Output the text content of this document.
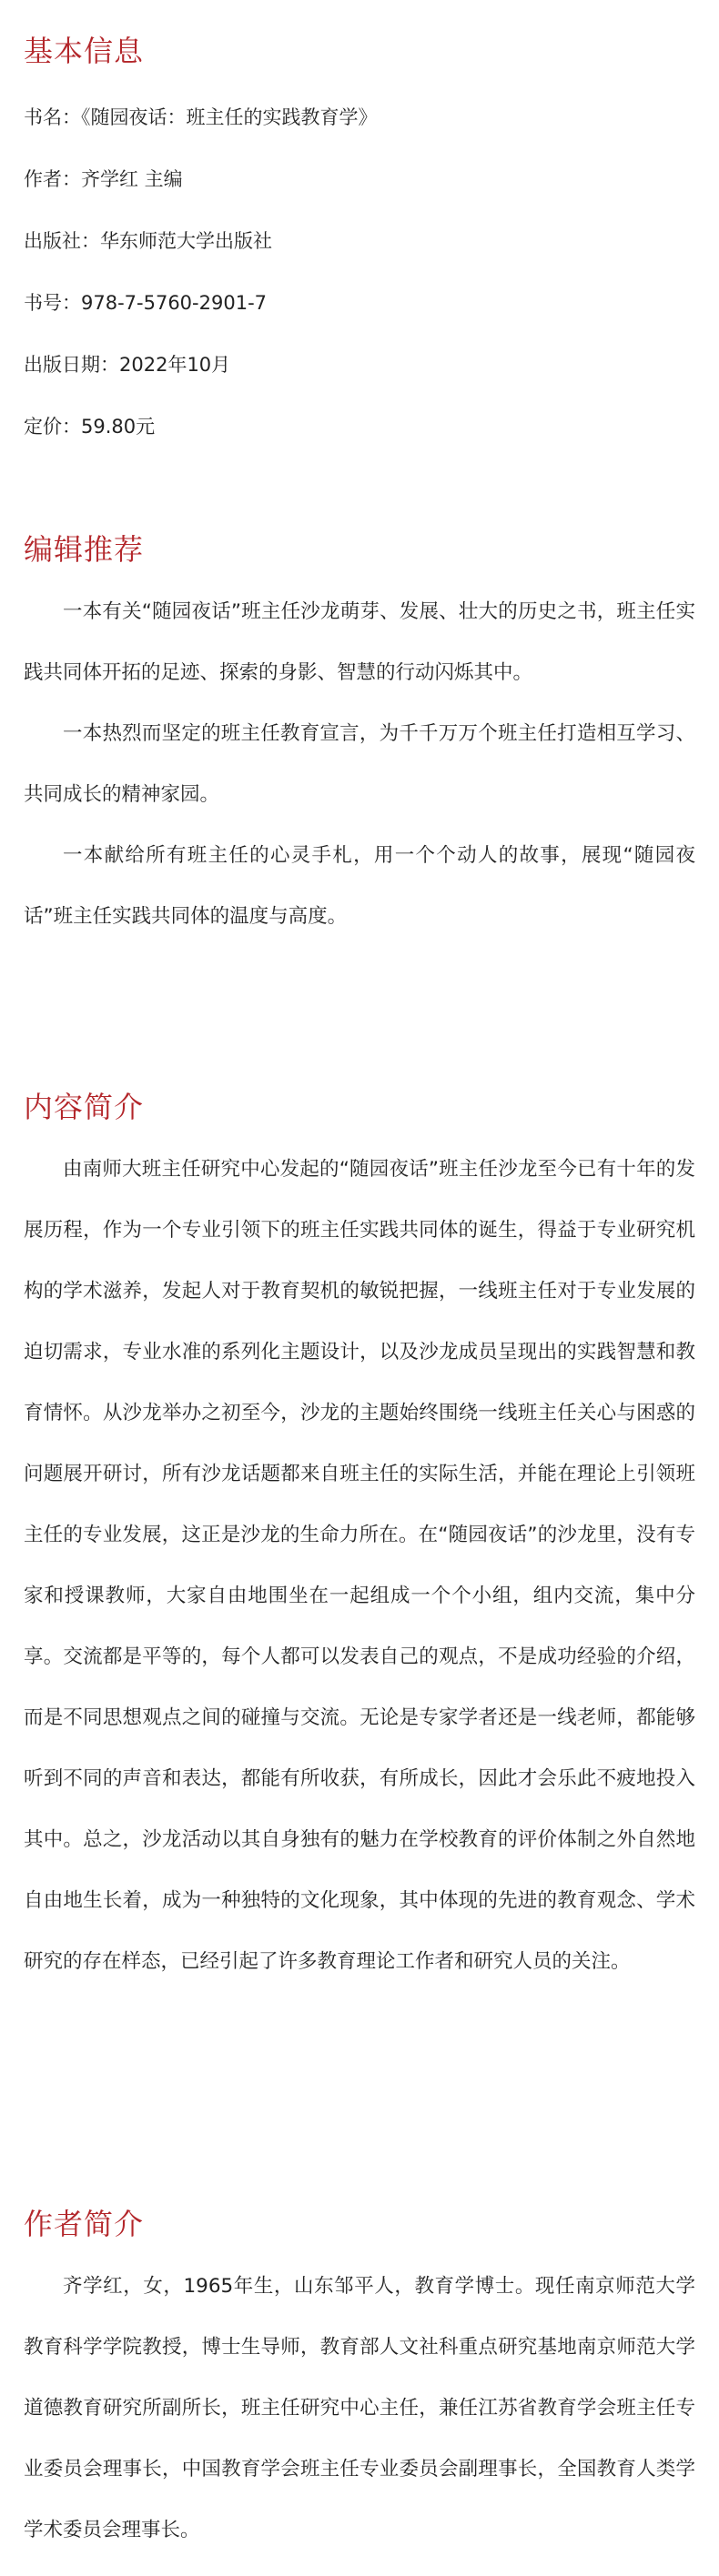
基本信息

书名：《随园夜话：班主任的实践教育学》

作者：齐学红 主编

出版社：华东师范大学出版社

书号：978-7-5760-2901-7

出版日期：2022年10月

定价：59.80元

编辑推荐

一本有关“随园夜话”班主任沙龙萌芽、发展、壮大的历史之书，班主任实践共同体开拓的足迹、探索的身影、智慧的行动闪烁其中。

一本热烈而坚定的班主任教育宣言，为千千万万个班主任打造相互学习、共同成长的精神家园。

一本献给所有班主任的心灵手札，用一个个动人的故事，展现“随园夜话”班主任实践共同体的温度与高度。

内容简介

由南师大班主任研究中心发起的“随园夜话”班主任沙龙至今已有十年的发展历程，作为一个专业引领下的班主任实践共同体的诞生，得益于专业研究机构的学术滋养，发起人对于教育契机的敏锐把握，一线班主任对于专业发展的迫切需求，专业水准的系列化主题设计，以及沙龙成员呈现出的实践智慧和教育情怀。从沙龙举办之初至今，沙龙的主题始终围绕一线班主任关心与困惑的问题展开研讨，所有沙龙话题都来自班主任的实际生活，并能在理论上引领班主任的专业发展，这正是沙龙的生命力所在。在“随园夜话”的沙龙里，没有专家和授课教师，大家自由地围坐在一起组成一个个小组，组内交流，集中分享。交流都是平等的，每个人都可以发表自己的观点，不是成功经验的介绍，而是不同思想观点之间的碰撞与交流。无论是专家学者还是一线老师，都能够听到不同的声音和表达，都能有所收获，有所成长，因此才会乐此不疲地投入其中。总之，沙龙活动以其自身独有的魅力在学校教育的评价体制之外自然地自由地生长着，成为一种独特的文化现象，其中体现的先进的教育观念、学术研究的存在样态，已经引起了许多教育理论工作者和研究人员的关注。

作者简介

齐学红，女，1965年生，山东邹平人，教育学博士。现任南京师范大学教育科学学院教授，博士生导师，教育部人文社科重点研究基地南京师范大学道德教育研究所副所长，班主任研究中心主任，兼任江苏省教育学会班主任专业委员会理事长，中国教育学会班主任专业委员会副理事长，全国教育人类学学术委员会理事长。
